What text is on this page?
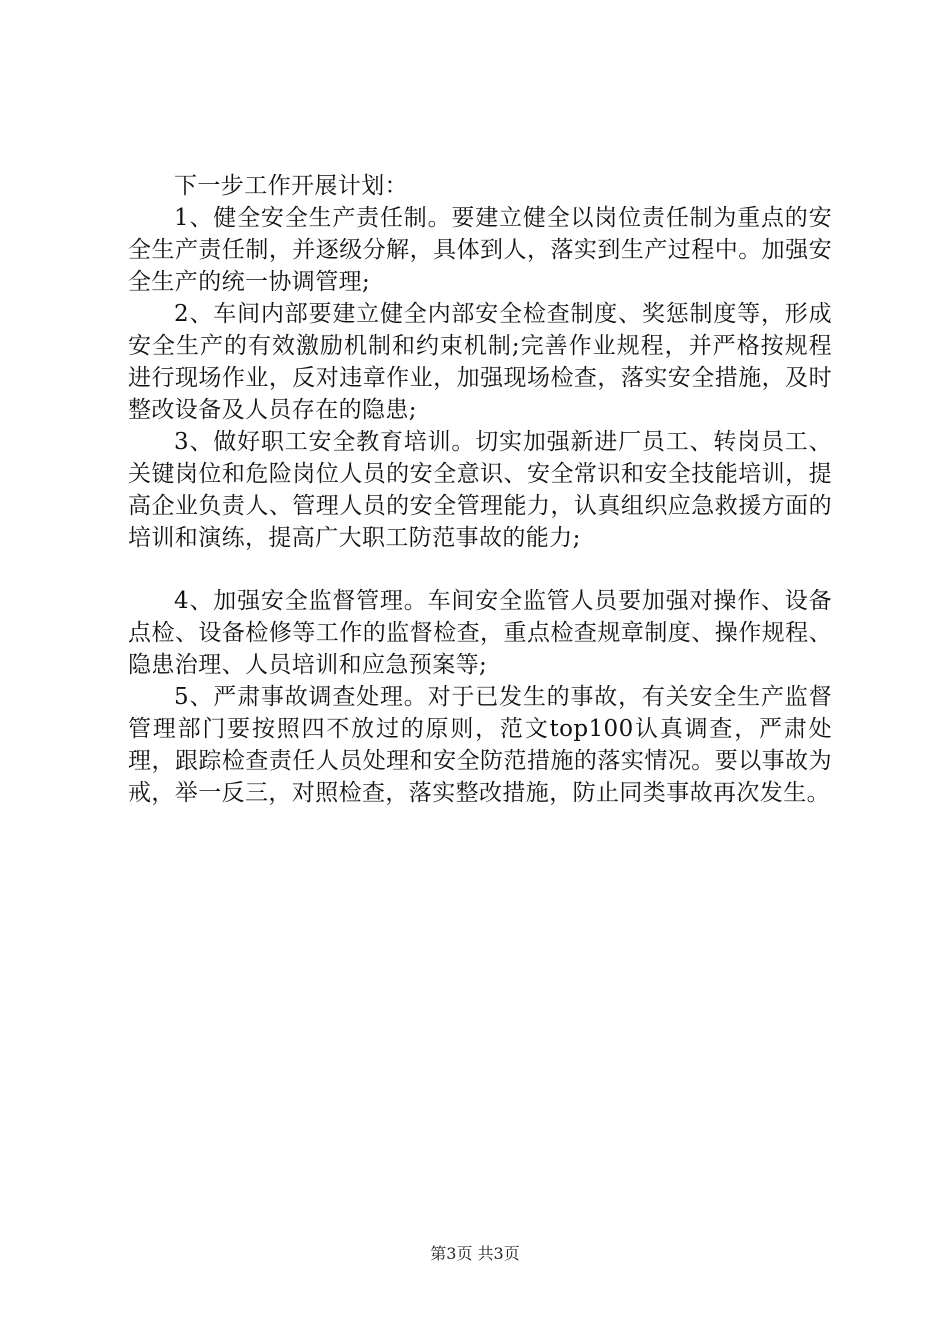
下一步工作开展计划：

1、健全安全生产责任制。要建立健全以岗位责任制为重点的安全生产责任制，并逐级分解，具体到人，落实到生产过程中。加强安全生产的统一协调管理;

2、车间内部要建立健全内部安全检查制度、奖惩制度等，形成安全生产的有效激励机制和约束机制;完善作业规程，并严格按规程进行现场作业，反对违章作业，加强现场检查，落实安全措施，及时整改设备及人员存在的隐患;

3、做好职工安全教育培训。切实加强新进厂员工、转岗员工、关键岗位和危险岗位人员的安全意识、安全常识和安全技能培训，提高企业负责人、管理人员的安全管理能力，认真组织应急救援方面的培训和演练，提高广大职工防范事故的能力;

4、加强安全监督管理。车间安全监管人员要加强对操作、设备点检、设备检修等工作的监督检查，重点检查规章制度、操作规程、隐患治理、人员培训和应急预案等;

5、严肃事故调查处理。对于已发生的事故，有关安全生产监督管理部门要按照四不放过的原则，范文top100认真调查，严肃处理，跟踪检查责任人员处理和安全防范措施的落实情况。要以事故为戒，举一反三，对照检查，落实整改措施，防止同类事故再次发生。

第3页 共3页
